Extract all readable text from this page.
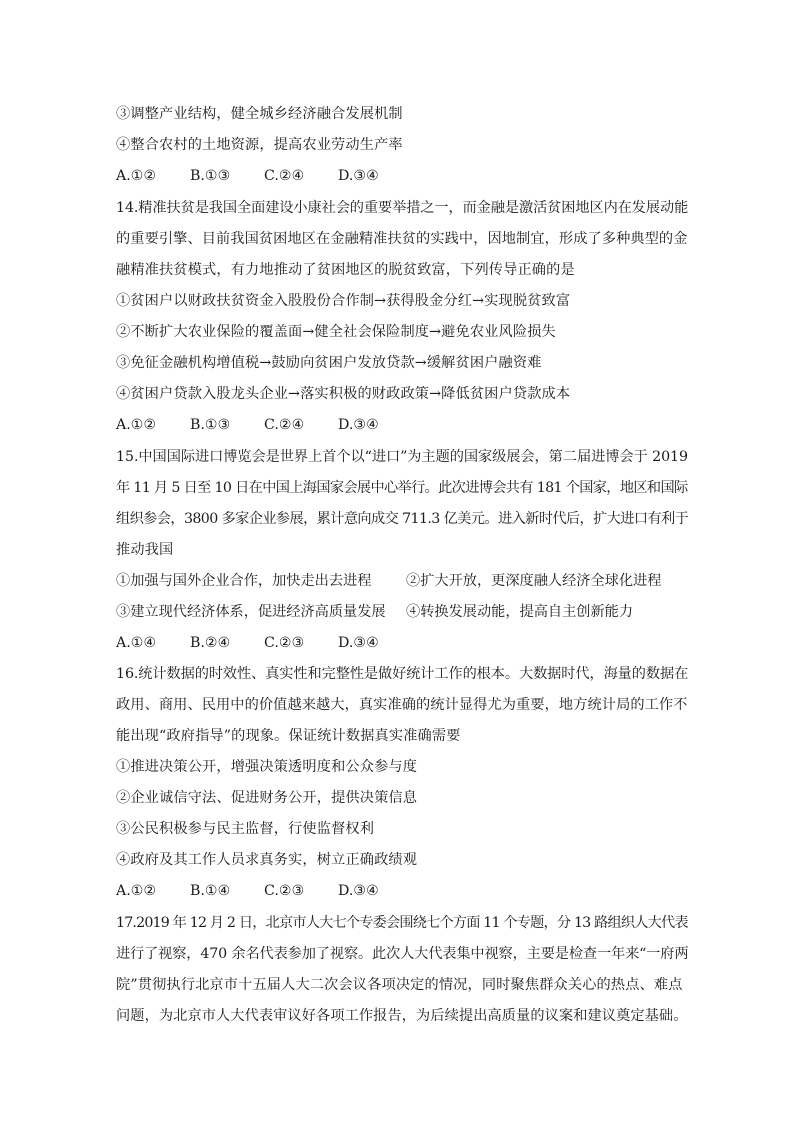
③调整产业结构，健全城乡经济融合发展机制
④整合农村的土地资源，提高农业劳动生产率
A.①② B.①③ C.②④ D.③④
14.精准扶贫是我国全面建设小康社会的重要举措之一，而金融是激活贫困地区内在发展动能
的重要引擎、目前我国贫困地区在金融精准扶贫的实践中，因地制宜，形成了多种典型的金
融精准扶贫模式，有力地推动了贫困地区的脱贫致富，下列传导正确的是
①贫困户以财政扶贫资金入股股份合作制→获得股金分红→实现脱贫致富
②不断扩大农业保险的覆盖面→健全社会保险制度→避免农业风险损失
③免征金融机构增值税→鼓励向贫困户发放贷款→缓解贫困户融资难
④贫困户贷款入股龙头企业→落实积极的财政政策→降低贫困户贷款成本
A.①② B.①③ C.②④ D.③④
15.中国国际进口博览会是世界上首个以“进口”为主题的国家级展会，第二届进博会于 2019
年 11 月 5 日至 10 日在中国上海国家会展中心举行。此次进博会共有 181 个国家，地区和国际
组织参会，3800 多家企业参展，累计意向成交 711.3 亿美元。进入新时代后，扩大进口有利于
推动我国
①加强与国外企业合作，加快走出去进程 ②扩大开放，更深度融人经济全球化进程
③建立现代经济体系，促进经济高质量发展 ④转换发展动能，提高自主创新能力
A.①④ B.②④ C.②③ D.③④
16.统计数据的时效性、真实性和完整性是做好统计工作的根本。大数据时代，海量的数据在
政用、商用、民用中的价值越来越大，真实准确的统计显得尤为重要，地方统计局的工作不
能出现“政府指导”的现象。保证统计数据真实准确需要
①推进决策公开，增强决策透明度和公众参与度
②企业诚信守法、促进财务公开，提供决策信息
③公民积极参与民主监督，行使监督权利
④政府及其工作人员求真务实，树立正确政绩观
A.①② B.①④ C.②③ D.③④
17.2019 年 12 月 2 日，北京市人大七个专委会围绕七个方面 11 个专题，分 13 路组织人大代表
进行了视察，470 余名代表参加了视察。此次人大代表集中视察，主要是检查一年来“一府两
院”贯彻执行北京市十五届人大二次会议各项决定的情况，同时聚焦群众关心的热点、难点
问题，为北京市人大代表审议好各项工作报告，为后续提出高质量的议案和建议奠定基础。
